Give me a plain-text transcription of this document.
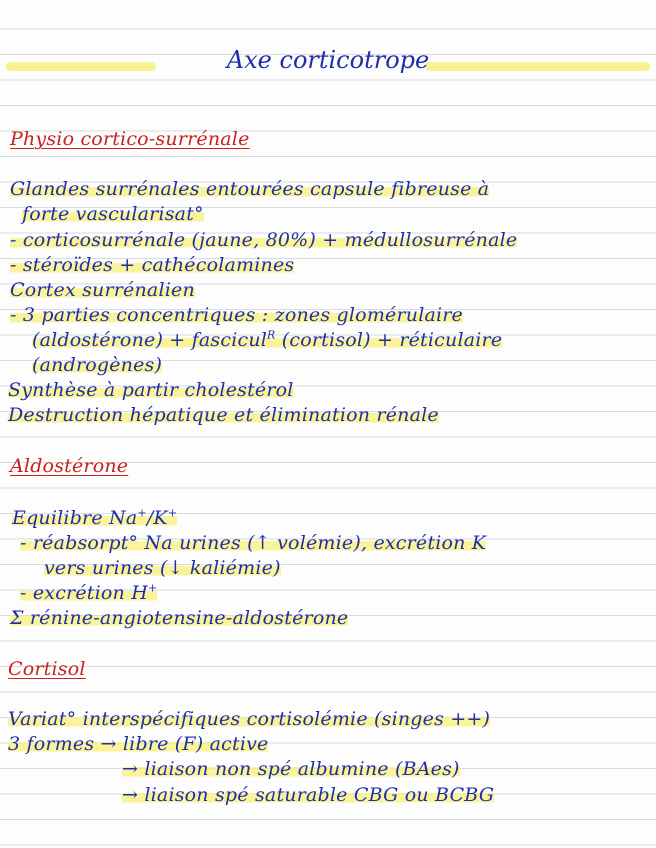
Axe corticotrope
Physio cortico-surrénale
Glandes surrénales entourées capsule fibreuse à
forte vascularisat°
- corticosurrénale (jaune, 80%) + médullosurrénale
- stéroïdes + cathécolamines
Cortex surrénalien
- 3 parties concentriques : zones glomérulaire
(aldostérone) + fascicul$^R$ (cortisol) + réticulaire
(androgènes)
Synthèse à partir cholestérol
Destruction hépatique et élimination rénale
Aldostérone
Equilibre Na+/K+
- réabsorpt° Na urines (↑ volémie), excrétion K
vers urines (↓ kaliémie)
- excrétion H+
Σ rénine-angiotensine-aldostérone
Cortisol
Variat° interspécifiques cortisolémie (singes ++)
3 formes → libre (F) active
→ liaison non spé albumine (BAes)
→ liaison spé saturable CBG ou BCBG
